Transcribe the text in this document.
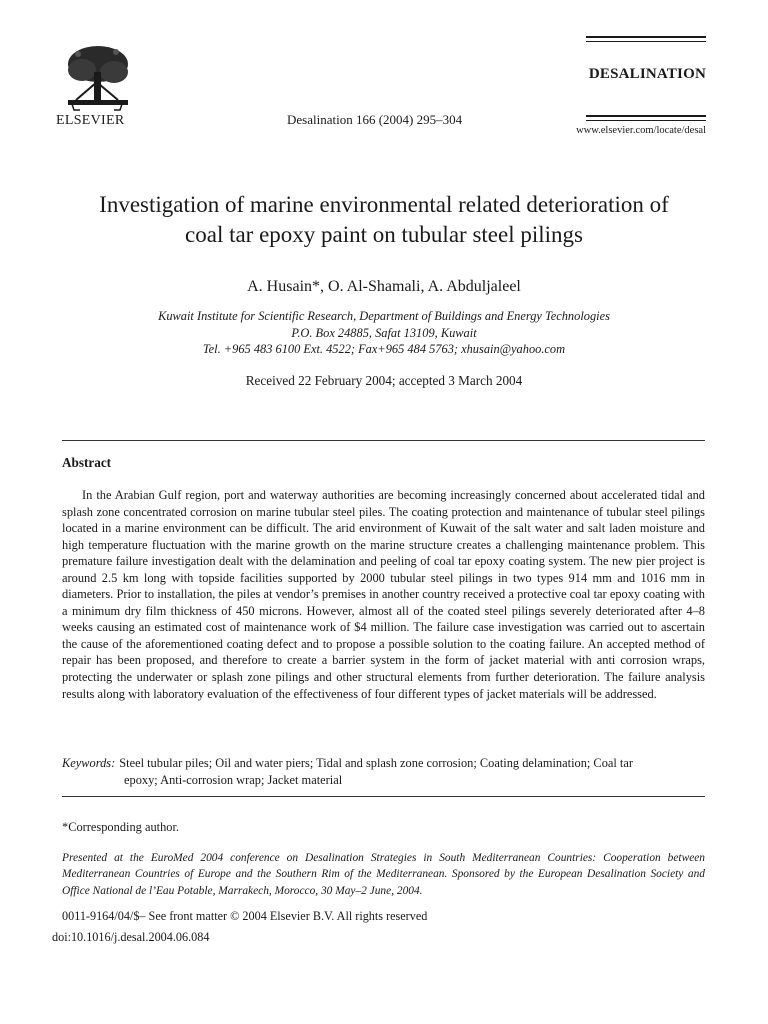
ELSEVIER	Desalination 166 (2004) 295–304
DESALINATION
www.elsevier.com/locate/desal
Investigation of marine environmental related deterioration of
coal tar epoxy paint on tubular steel pilings
A. Husain*, O. Al-Shamali, A. Abduljaleel
Kuwait Institute for Scientific Research, Department of Buildings and Energy Technologies
P.O. Box 24885, Safat 13109, Kuwait
Tel. +965 483 6100 Ext. 4522; Fax+965 484 5763; xhusain@yahoo.com
Received 22 February 2004; accepted 3 March 2004
Abstract
In the Arabian Gulf region, port and waterway authorities are becoming increasingly concerned about accelerated tidal and splash zone concentrated corrosion on marine tubular steel piles. The coating protection and maintenance of tubular steel pilings located in a marine environment can be difficult. The arid environment of Kuwait of the salt water and salt laden moisture and high temperature fluctuation with the marine growth on the marine structure creates a challenging maintenance problem. This premature failure investigation dealt with the delamination and peeling of coal tar epoxy coating system. The new pier project is around 2.5 km long with topside facilities supported by 2000 tubular steel pilings in two types 914 mm and 1016 mm in diameters. Prior to installation, the piles at vendor’s premises in another country received a protective coal tar epoxy coating with a minimum dry film thickness of 450 microns. However, almost all of the coated steel pilings severely deteriorated after 4–8 weeks causing an estimated cost of maintenance work of $4 million. The failure case investigation was carried out to ascertain the cause of the aforementioned coating defect and to propose a possible solution to the coating failure. An accepted method of repair has been proposed, and therefore to create a barrier system in the form of jacket material with anti corrosion wraps, protecting the underwater or splash zone pilings and other structural elements from further deterioration. The failure analysis results along with laboratory evaluation of the effectiveness of four different types of jacket materials will be addressed.
Keywords: Steel tubular piles; Oil and water piers; Tidal and splash zone corrosion; Coating delamination; Coal tar
epoxy; Anti-corrosion wrap; Jacket material
*Corresponding author.
Presented at the EuroMed 2004 conference on Desalination Strategies in South Mediterranean Countries: Cooperation between Mediterranean Countries of Europe and the Southern Rim of the Mediterranean. Sponsored by the European Desalination Society and Office National de l’Eau Potable, Marrakech, Morocco, 30 May–2 June, 2004.
0011-9164/04/$– See front matter © 2004 Elsevier B.V. All rights reserved
doi:10.1016/j.desal.2004.06.084
